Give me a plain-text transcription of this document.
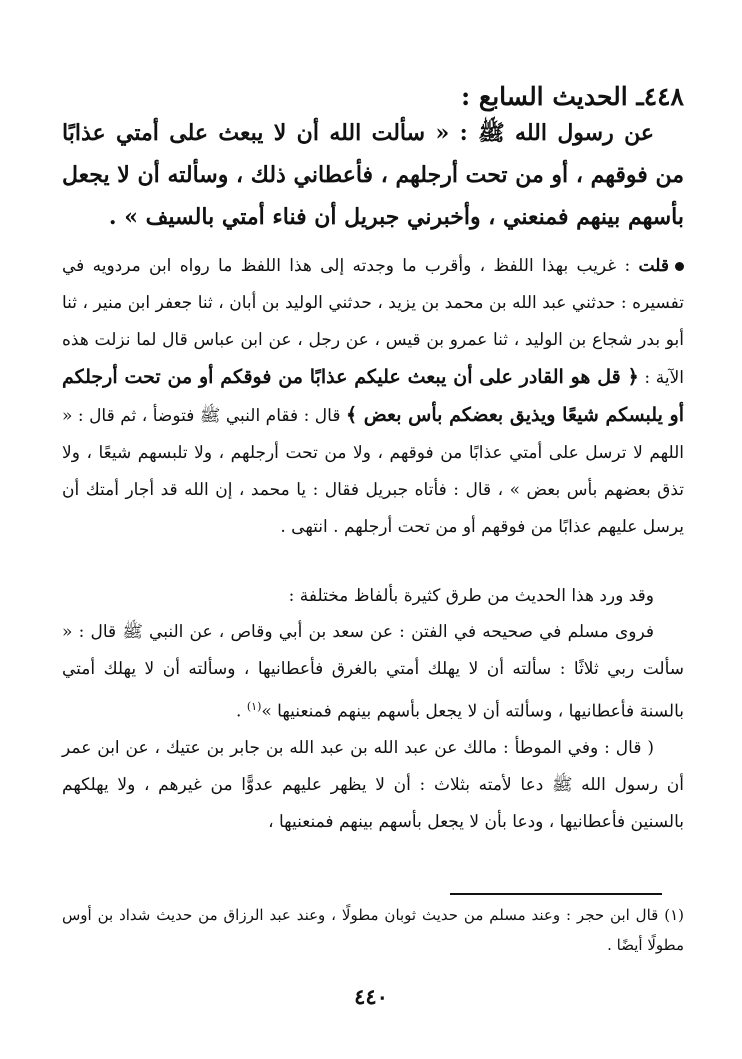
٤٤٨ـ الحديث السابع :
عن رسول الله ﷺ : « سألت الله أن لا يبعث على أمتي عذابًا من فوقهم ، أو من تحت أرجلهم ، فأعطاني ذلك ، وسألته أن لا يجعل بأسهم بينهم فمنعني ، وأخبرني جبريل أن فناء أمتي بالسيف » .
قلت : غريب بهذا اللفظ ، وأقرب ما وجدته إلى هذا اللفظ ما رواه ابن مردويه في تفسيره : حدثني عبد الله بن محمد بن يزيد ، حدثني الوليد بن أبان ، ثنا جعفر ابن منير ، ثنا أبو بدر شجاع بن الوليد ، ثنا عمرو بن قيس ، عن رجل ، عن ابن عباس قال لما نزلت هذه الآية : ﴿ قل هو القادر على أن يبعث عليكم عذابًا من فوقكم أو من تحت أرجلكم أو يلبسكم شيعًا ويذيق بعضكم بأس بعض ﴾ قال : فقام النبي ﷺ فتوضأ ، ثم قال : « اللهم لا ترسل على أمتي عذابًا من فوقهم ، ولا من تحت أرجلهم ، ولا تلبسهم شيعًا ، ولا تذق بعضهم بأس بعض » ، قال : فأتاه جبريل فقال : يا محمد ، إن الله قد أجار أمتك أن يرسل عليهم عذابًا من فوقهم أو من تحت أرجلهم . انتهى .
وقد ورد هذا الحديث من طرق كثيرة بألفاظ مختلفة :
فروى مسلم في صحيحه في الفتن : عن سعد بن أبي وقاص ، عن النبي ﷺ قال : « سألت ربي ثلاثًا : سألته أن لا يهلك أمتي بالغرق فأعطانيها ، وسألته أن لا يهلك أمتي بالسنة فأعطانيها ، وسألته أن لا يجعل بأسهم بينهم فمنعنيها »$^{(١)}$ .
( قال : وفي الموطأ : مالك عن عبد الله بن عبد الله بن جابر بن عتيك ، عن ابن عمر أن رسول الله ﷺ دعا لأمته بثلاث : أن لا يظهر عليهم عدوًّا من غيرهم ، ولا يهلكهم بالسنين فأعطانيها ، ودعا بأن لا يجعل بأسهم بينهم فمنعنيها ،
(١) قال ابن حجر : وعند مسلم من حديث ثوبان مطولًا ، وعند عبد الرزاق من حديث شداد بن أوس مطولًا أيضًا .
٤٤٠
